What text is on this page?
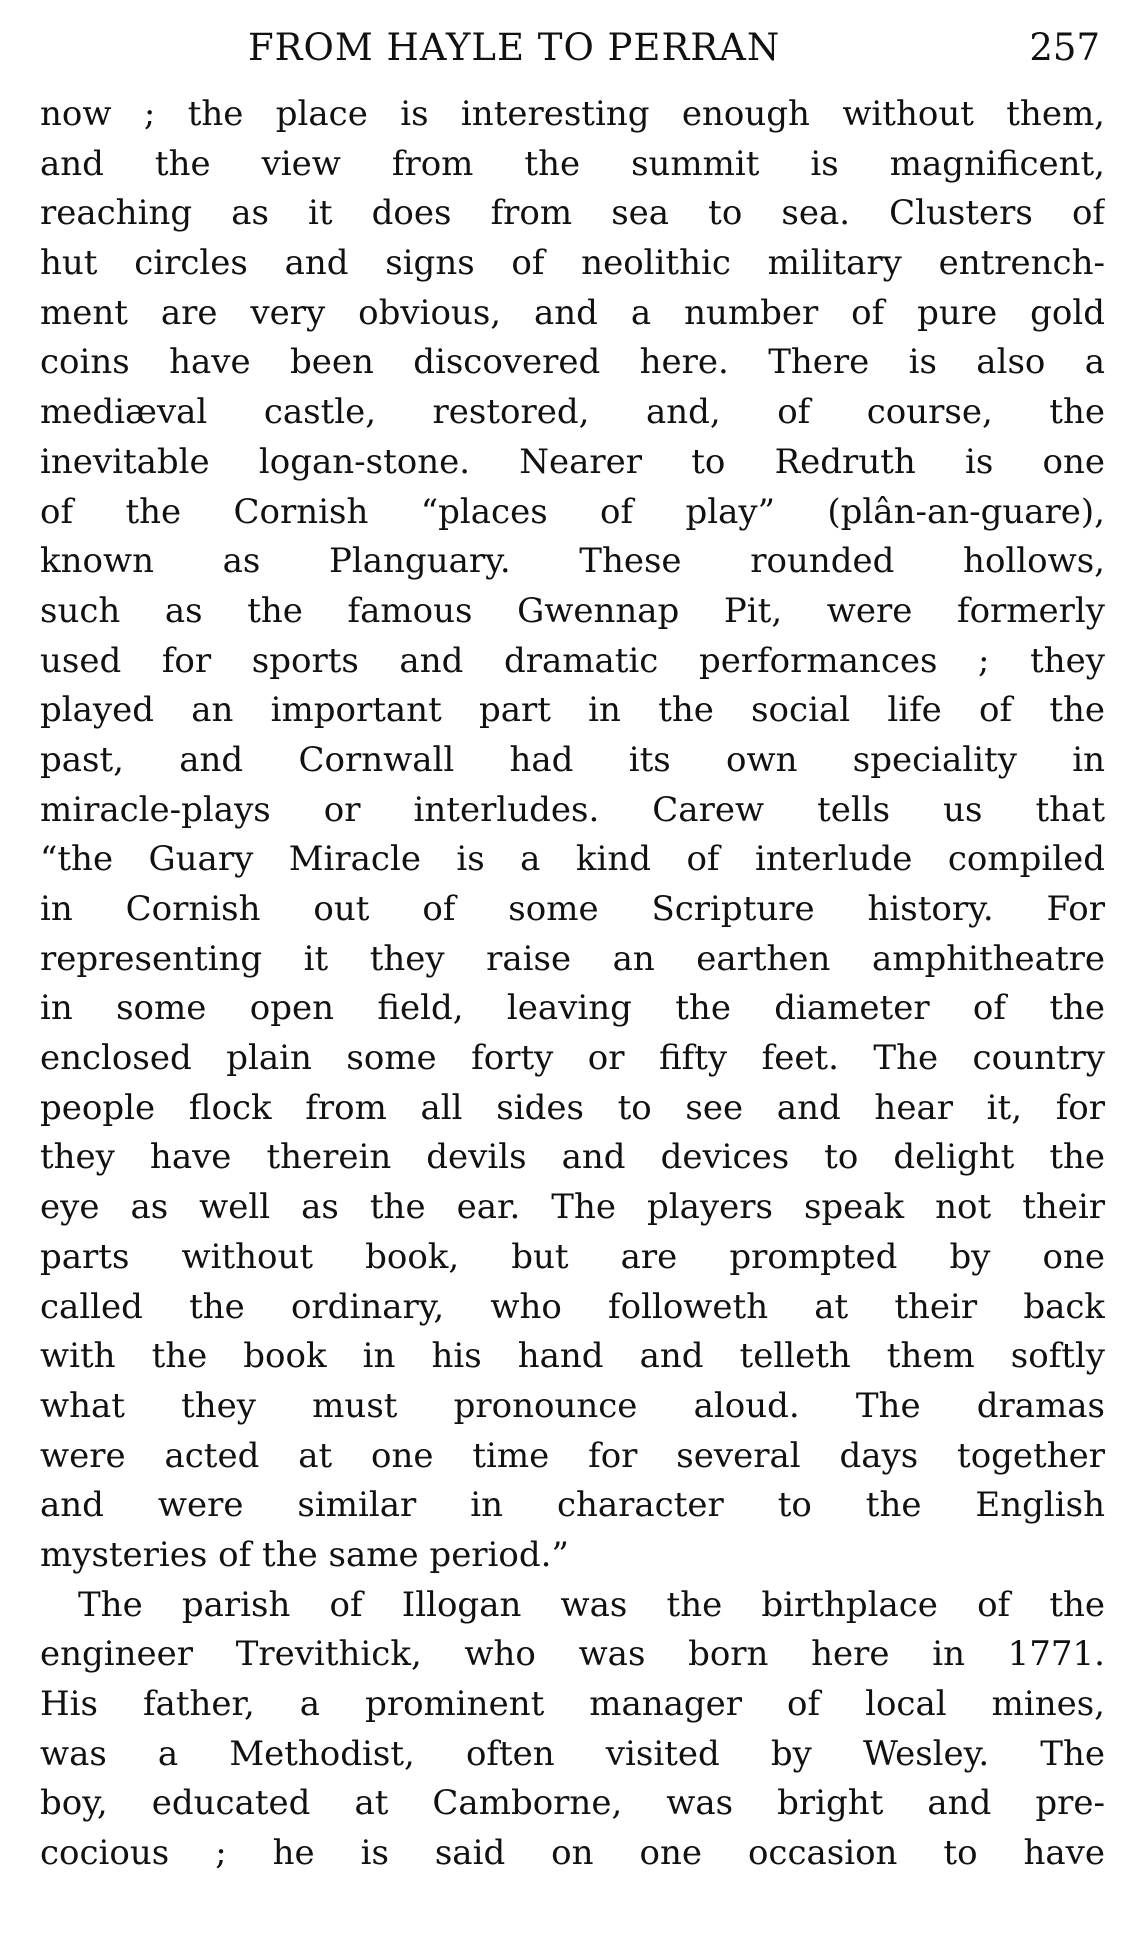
FROM HAYLE TO PERRAN	257
now ; the place is interesting enough without them,
and the view from the summit is magnificent,
reaching as it does from sea to sea. Clusters of
hut circles and signs of neolithic military entrench-
ment are very obvious, and a number of pure gold
coins have been discovered here. There is also a
mediæval castle, restored, and, of course, the
inevitable logan-stone. Nearer to Redruth is one
of the Cornish “places of play” (plân-an-guare),
known as Planguary. These rounded hollows,
such as the famous Gwennap Pit, were formerly
used for sports and dramatic performances ; they
played an important part in the social life of the
past, and Cornwall had its own speciality in
miracle-plays or interludes. Carew tells us that
“the Guary Miracle is a kind of interlude compiled
in Cornish out of some Scripture history. For
representing it they raise an earthen amphitheatre
in some open field, leaving the diameter of the
enclosed plain some forty or fifty feet. The country
people flock from all sides to see and hear it, for
they have therein devils and devices to delight the
eye as well as the ear. The players speak not their
parts without book, but are prompted by one
called the ordinary, who followeth at their back
with the book in his hand and telleth them softly
what they must pronounce aloud. The dramas
were acted at one time for several days together
and were similar in character to the English
mysteries of the same period.”
The parish of Illogan was the birthplace of the
engineer Trevithick, who was born here in 1771.
His father, a prominent manager of local mines,
was a Methodist, often visited by Wesley. The
boy, educated at Camborne, was bright and pre-
cocious ; he is said on one occasion to have
